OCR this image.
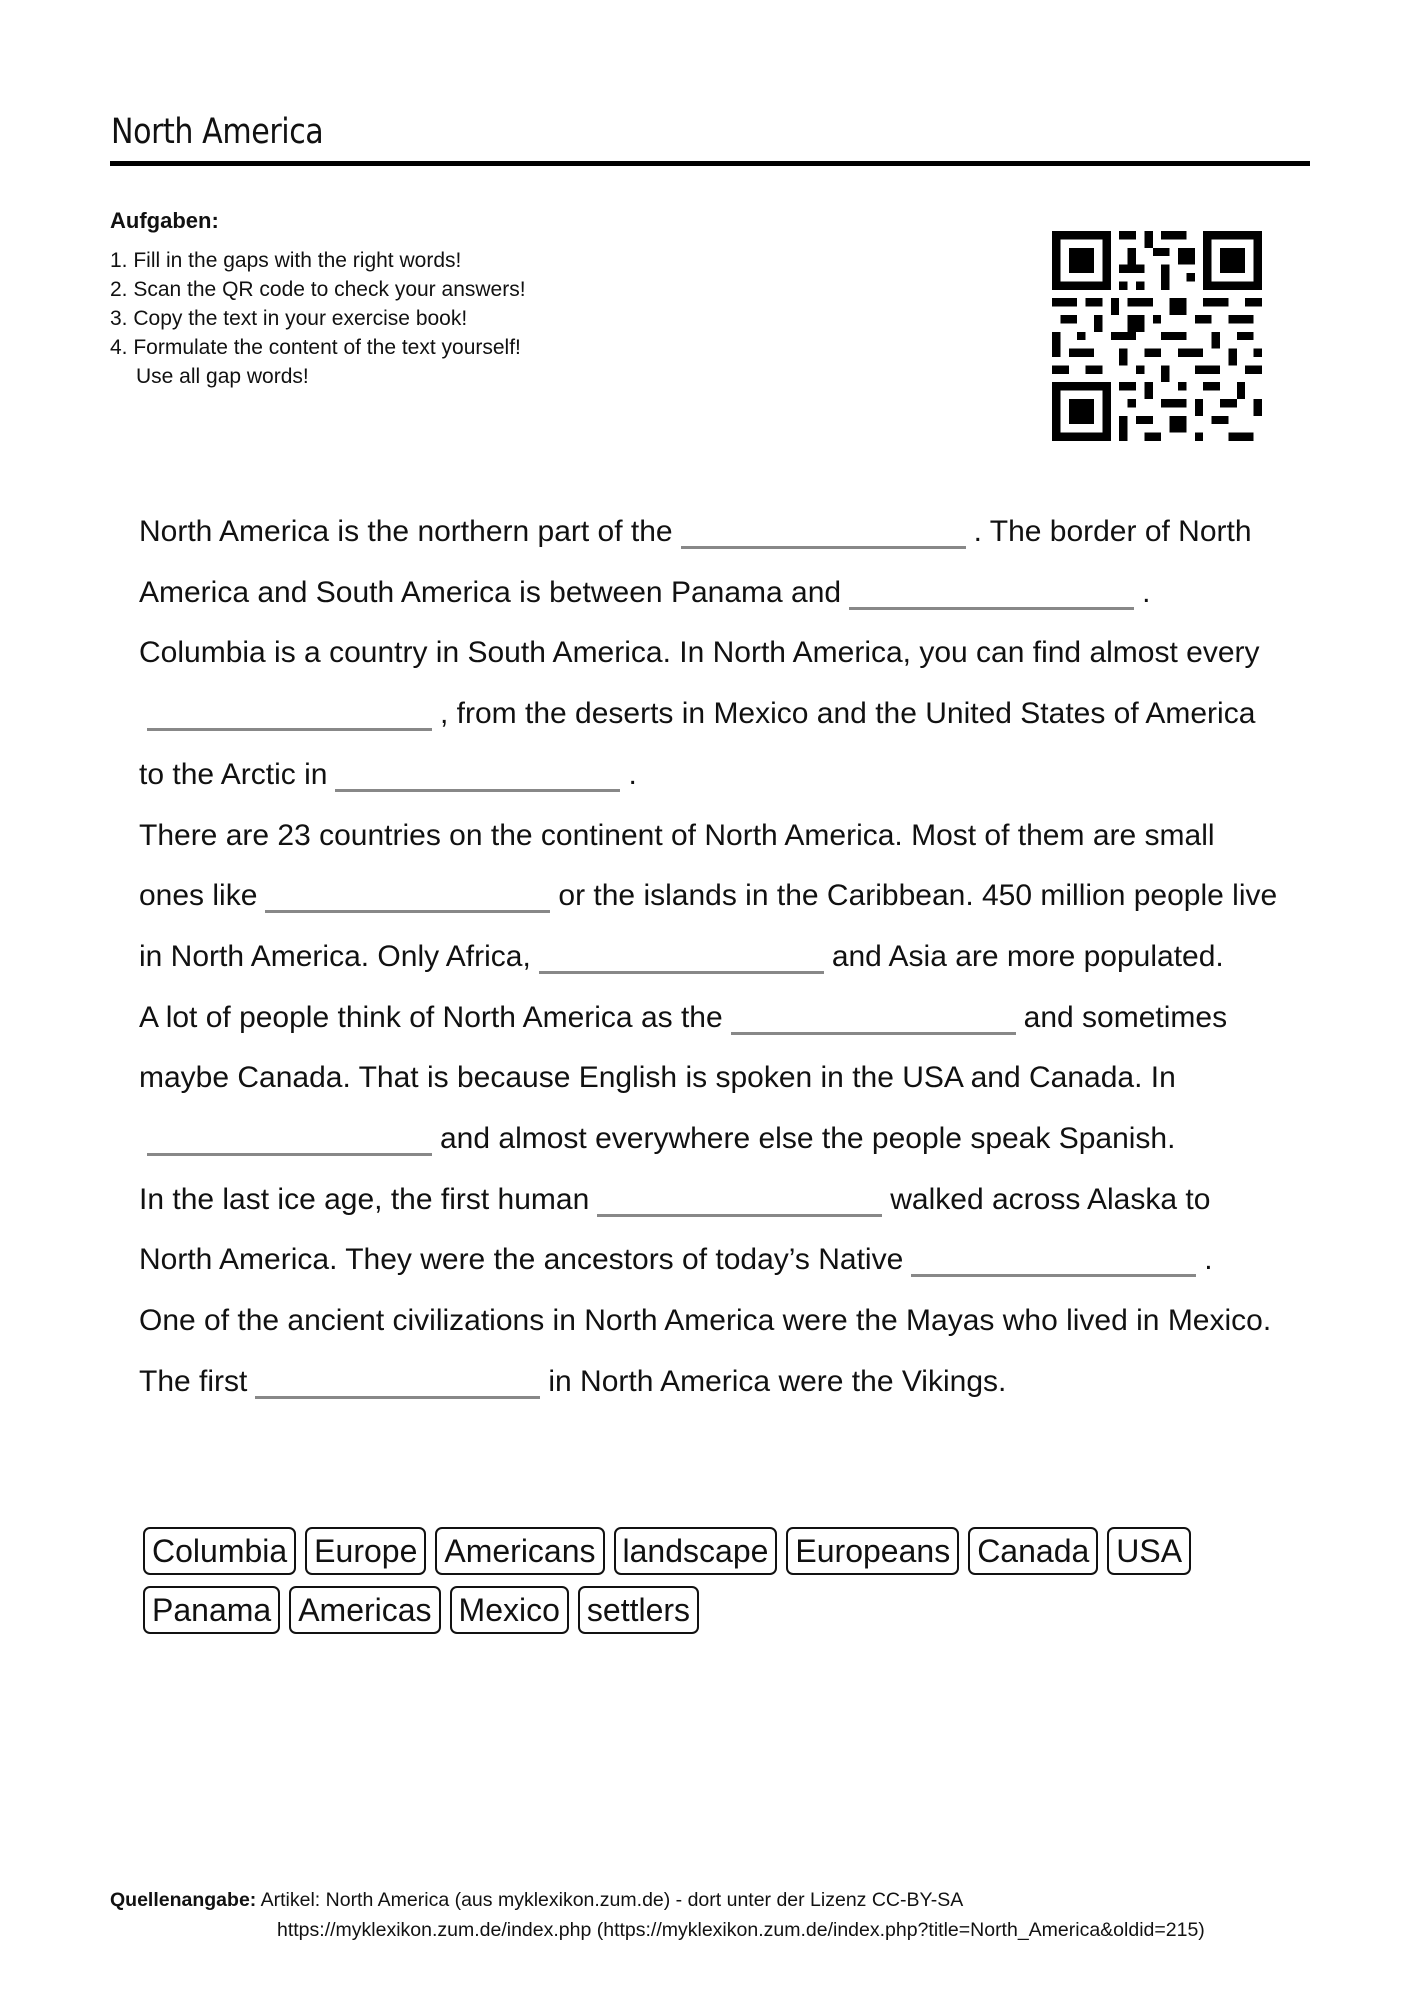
North America
Aufgaben:
1. Fill in the gaps with the right words!
2. Scan the QR code to check your answers!
3. Copy the text in your exercise book!
4. Formulate the content of the text yourself!
Use all gap words!

North America is the northern part of the	. The border of North America and South America is between Panama and	. Columbia is a country in South America. In North America, you can find almost every, from the deserts in Mexico and the United States of America to the Arctic in	.

There are 23 countries on the continent of North America. Most of them are small ones like	or the islands in the Caribbean. 450 million people live in North America. Only Africa,	and Asia are more populated.

A lot of people think of North America as the	and sometimes maybe Canada. That is because English is spoken in the USA and Canada. Inand almost everywhere else the people speak Spanish.

In the last ice age, the first human	walked across Alaska to North America. They were the ancestors of today’s Native	.

One of the ancient civilizations in North America were the Mayas who lived in Mexico. The first	in North America were the Vikings.

Columbia Europe Americans landscape Europeans Canada USA
Panama Americas Mexico settlers
Quellenangabe: Artikel: North America (aus myklexikon.zum.de) - dort unter der Lizenz CC-BY-SA
https://myklexikon.zum.de/index.php (https://myklexikon.zum.de/index.php?title=North_America&oldid=215)
